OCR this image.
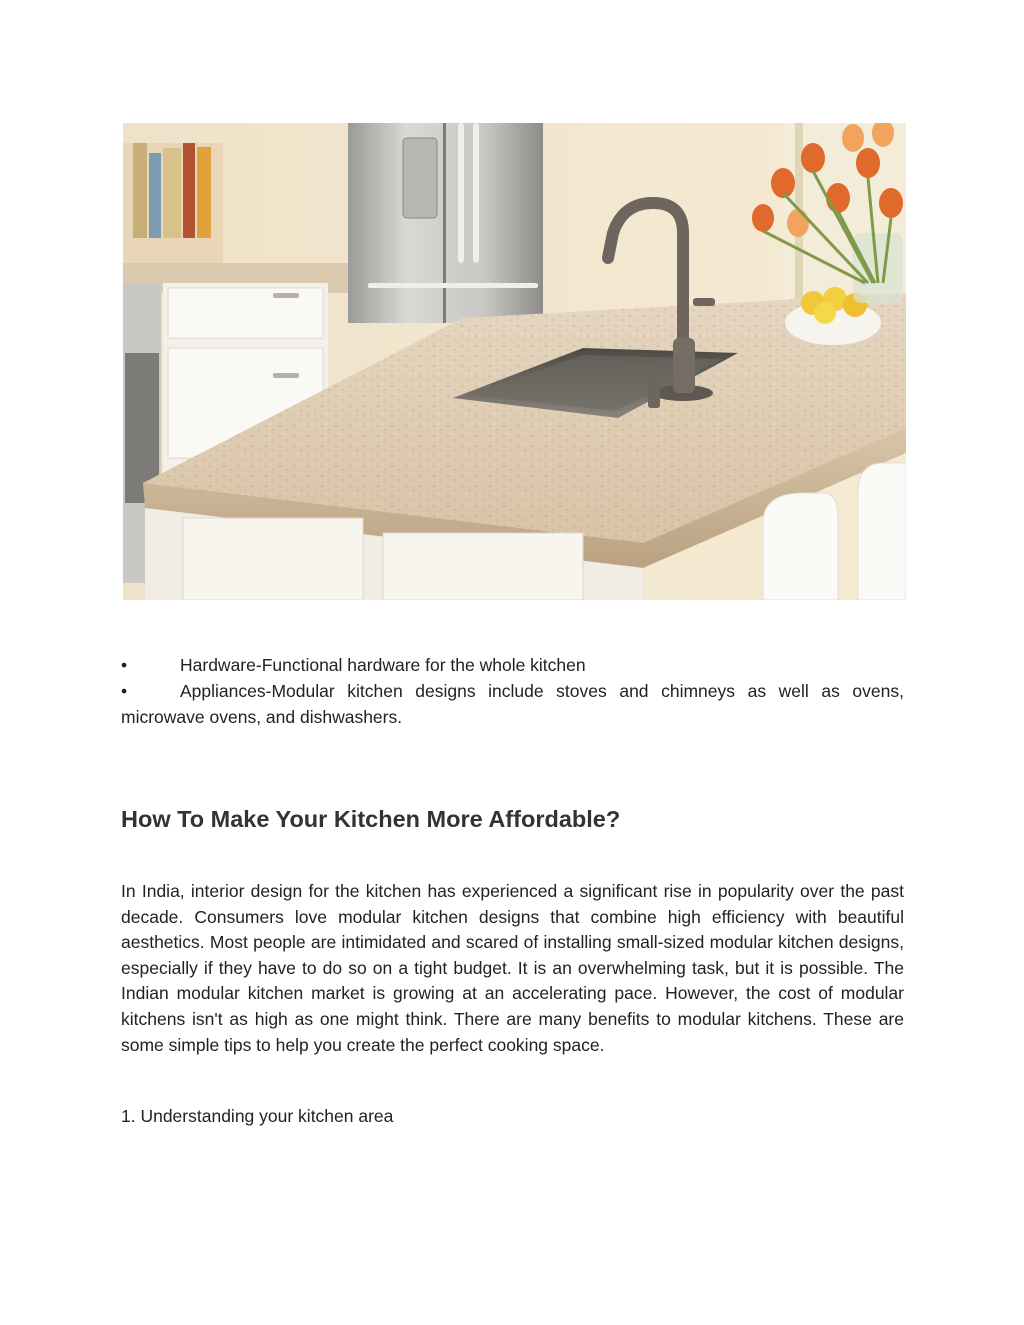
•	Hardware-Functional hardware for the whole kitchen
•	Appliances-Modular kitchen designs include stoves and chimneys as well as ovens, microwave ovens, and dishwashers.
How To Make Your Kitchen More Affordable?

In India, interior design for the kitchen has experienced a significant rise in popularity over the past decade. Consumers love modular kitchen designs that combine high efficiency with beautiful aesthetics. Most people are intimidated and scared of installing small-sized modular kitchen designs, especially if they have to do so on a tight budget. It is an overwhelming task, but it is possible. The Indian modular kitchen market is growing at an accelerating pace. However, the cost of modular kitchens isn't as high as one might think. There are many benefits to modular kitchens. These are some simple tips to help you create the perfect cooking space.

1. Understanding your kitchen area
